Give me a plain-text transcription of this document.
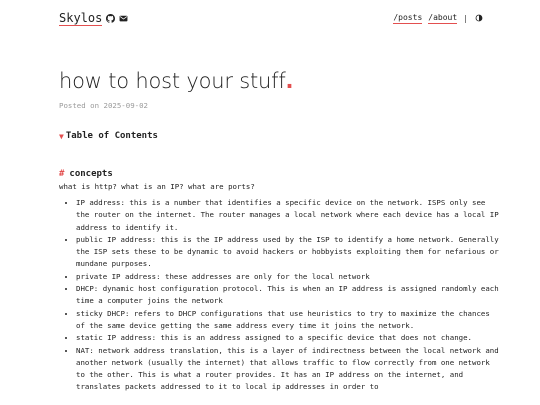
Skylos	/posts /about |
how to host your stuff.
Posted on 2025-09-02
▼ Table of Contents
# concepts

what is http? what is an IP? what are ports?

• IP address: this is a number that identifies a specific device on the network. ISPS only see the router on the internet. The router manages a local network where each device has a local IP address to identify it.
• public IP address: this is the IP address used by the ISP to identify a home network. Generally the ISP sets these to be dynamic to avoid hackers or hobbyists exploiting them for nefarious or mundane purposes.
• private IP address: these addresses are only for the local network
• DHCP: dynamic host configuration protocol. This is when an IP address is assigned randomly each time a computer joins the network
• sticky DHCP: refers to DHCP configurations that use heuristics to try to maximize the chances of the same device getting the same address every time it joins the network.
• static IP address: this is an address assigned to a specific device that does not change.
• NAT: network address translation, this is a layer of indirectness between the local network and another network (usually the internet) that allows traffic to flow correctly from one network to the other. This is what a router provides. It has an IP address on the internet, and translates packets addressed to it to local ip addresses in order to
